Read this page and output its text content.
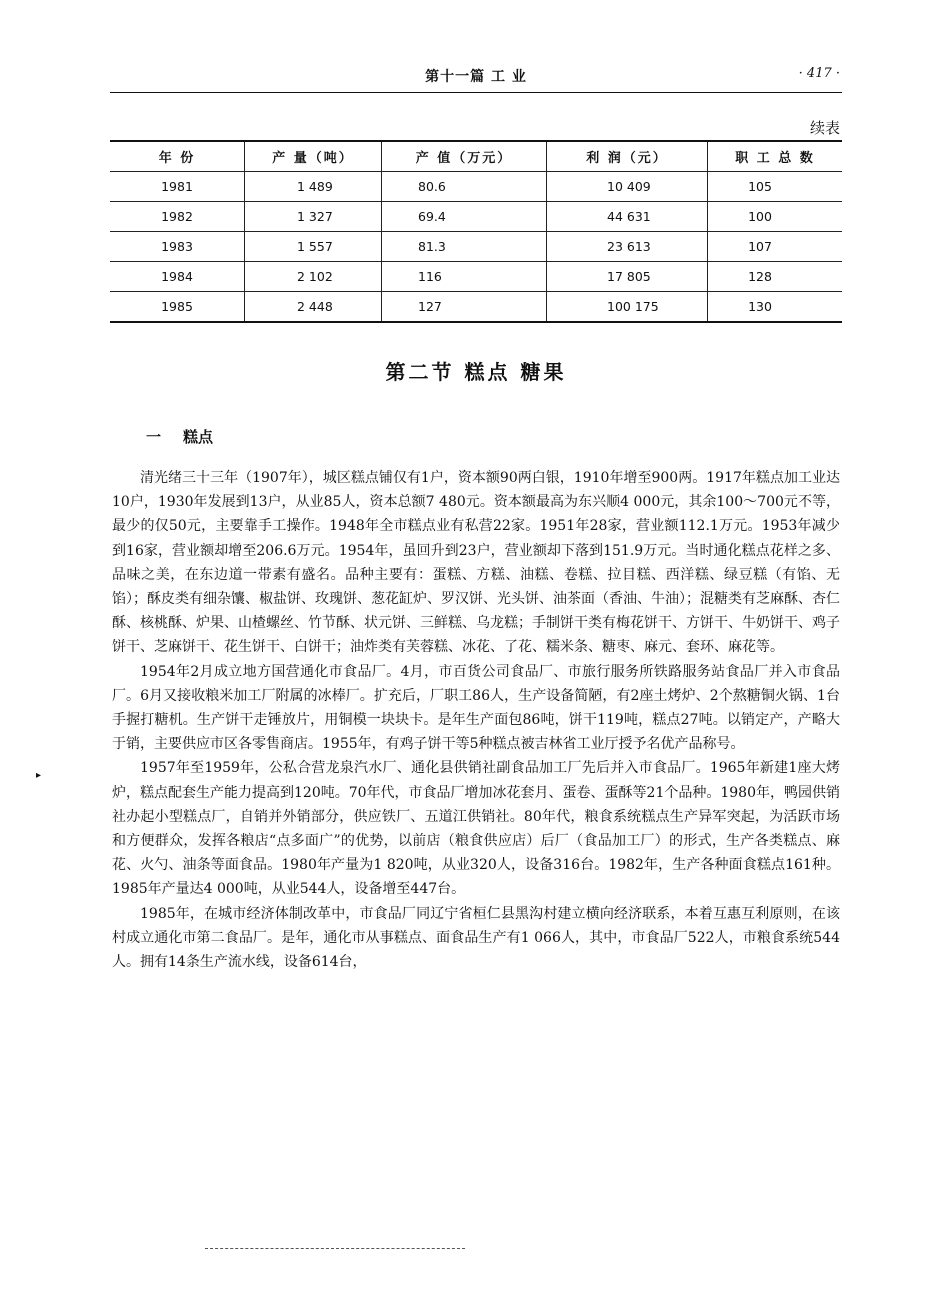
第十一篇 工 业	· 417 ·
续表
年 份	产 量（吨）	产 值（万元）	利 润（元）	职 工 总 数
1981	1 489	80.6	10 409	105
1982	1 327	69.4	44 631	100
1983	1 557	81.3	23 613	107
1984	2 102	116	17 805	128
1985	2 448	127	100 175	130
第二节 糕点 糖果
一 糕点

清光绪三十三年（1907年），城区糕点铺仅有1户，资本额90两白银，1910年增至900两。1917年糕点加工业达10户，1930年发展到13户，从业85人，资本总额7 480元。资本额最高为东兴顺4 000元，其余100～700元不等，最少的仅50元，主要靠手工操作。1948年全市糕点业有私营22家。1951年28家，营业额112.1万元。1953年减少到16家，营业额却增至206.6万元。1954年，虽回升到23户，营业额却下落到151.9万元。当时通化糕点花样之多、品味之美，在东边道一带素有盛名。品种主要有：蛋糕、方糕、油糕、卷糕、拉目糕、西洋糕、绿豆糕（有馅、无馅）；酥皮类有细杂馕、椒盐饼、玫瑰饼、葱花缸炉、罗汉饼、光头饼、油茶面（香油、牛油）；混糖类有芝麻酥、杏仁酥、核桃酥、炉果、山楂螺丝、竹节酥、状元饼、三鲜糕、乌龙糕；手制饼干类有梅花饼干、方饼干、牛奶饼干、鸡子饼干、芝麻饼干、花生饼干、白饼干；油炸类有芙蓉糕、冰花、了花、糯米条、糖枣、麻元、套环、麻花等。

1954年2月成立地方国营通化市食品厂。4月，市百货公司食品厂、市旅行服务所铁路服务站食品厂并入市食品厂。6月又接收粮米加工厂附属的冰棒厂。扩充后，厂职工86人，生产设备简陋，有2座土烤炉、2个熬糖铜火锅、1台手握打糖机。生产饼干走锤放片，用铜模一块块卡。是年生产面包86吨，饼干119吨，糕点27吨。以销定产，产略大于销，主要供应市区各零售商店。1955年，有鸡子饼干等5种糕点被吉林省工业厅授予名优产品称号。

1957年至1959年，公私合营龙泉汽水厂、通化县供销社副食品加工厂先后并入市食品厂。1965年新建1座大烤炉，糕点配套生产能力提高到120吨。70年代，市食品厂增加冰花套月、蛋卷、蛋酥等21个品种。1980年，鸭园供销社办起小型糕点厂，自销并外销部分，供应铁厂、五道江供销社。80年代，粮食系统糕点生产异军突起，为活跃市场和方便群众，发挥各粮店“点多面广”的优势，以前店（粮食供应店）后厂（食品加工厂）的形式，生产各类糕点、麻花、火勺、油条等面食品。1980年产量为1 820吨，从业320人，设备316台。1982年，生产各种面食糕点161种。1985年产量达4 000吨，从业544人，设备增至447台。

1985年，在城市经济体制改革中，市食品厂同辽宁省桓仁县黑沟村建立横向经济联系，本着互惠互利原则，在该村成立通化市第二食品厂。是年，通化市从事糕点、面食品生产有1 066人，其中，市食品厂522人，市粮食系统544人。拥有14条生产流水线，设备614台，

▸
